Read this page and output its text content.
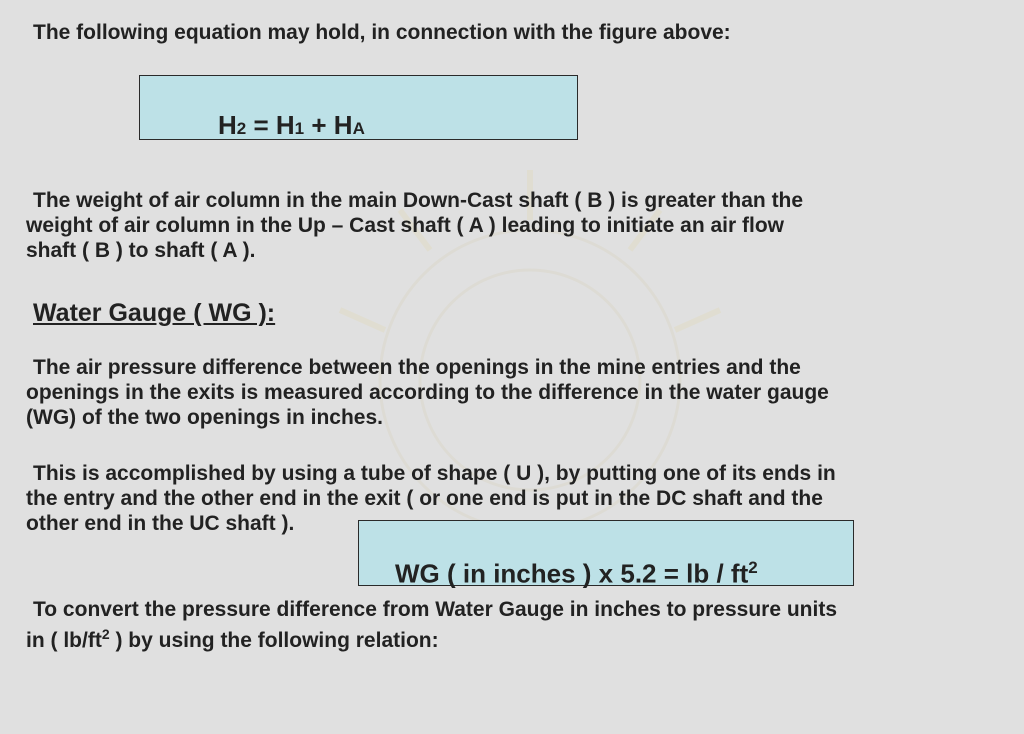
The following equation may hold, in connection with the figure above:

H2 = H1 + HA

The weight of air column in the main Down-Cast shaft ( B ) is greater than the

weight of air column in the Up – Cast shaft ( A ) leading to initiate an air flow

shaft ( B ) to shaft ( A ).

Water Gauge ( WG ):

The air pressure difference between the openings in the mine entries and the

openings in the exits is measured according to the difference in the water gauge

(WG) of the two openings in inches.

This is accomplished by using a tube of shape ( U ), by putting one of its ends in

the entry and the other end in the exit ( or one end is put in the DC shaft and the

other end in the UC shaft ).

WG ( in inches ) x 5.2 = lb / $ft^2$

To convert the pressure difference from Water Gauge in inches to pressure units

in ( $lb/ft^2$ ) by using the following relation:
